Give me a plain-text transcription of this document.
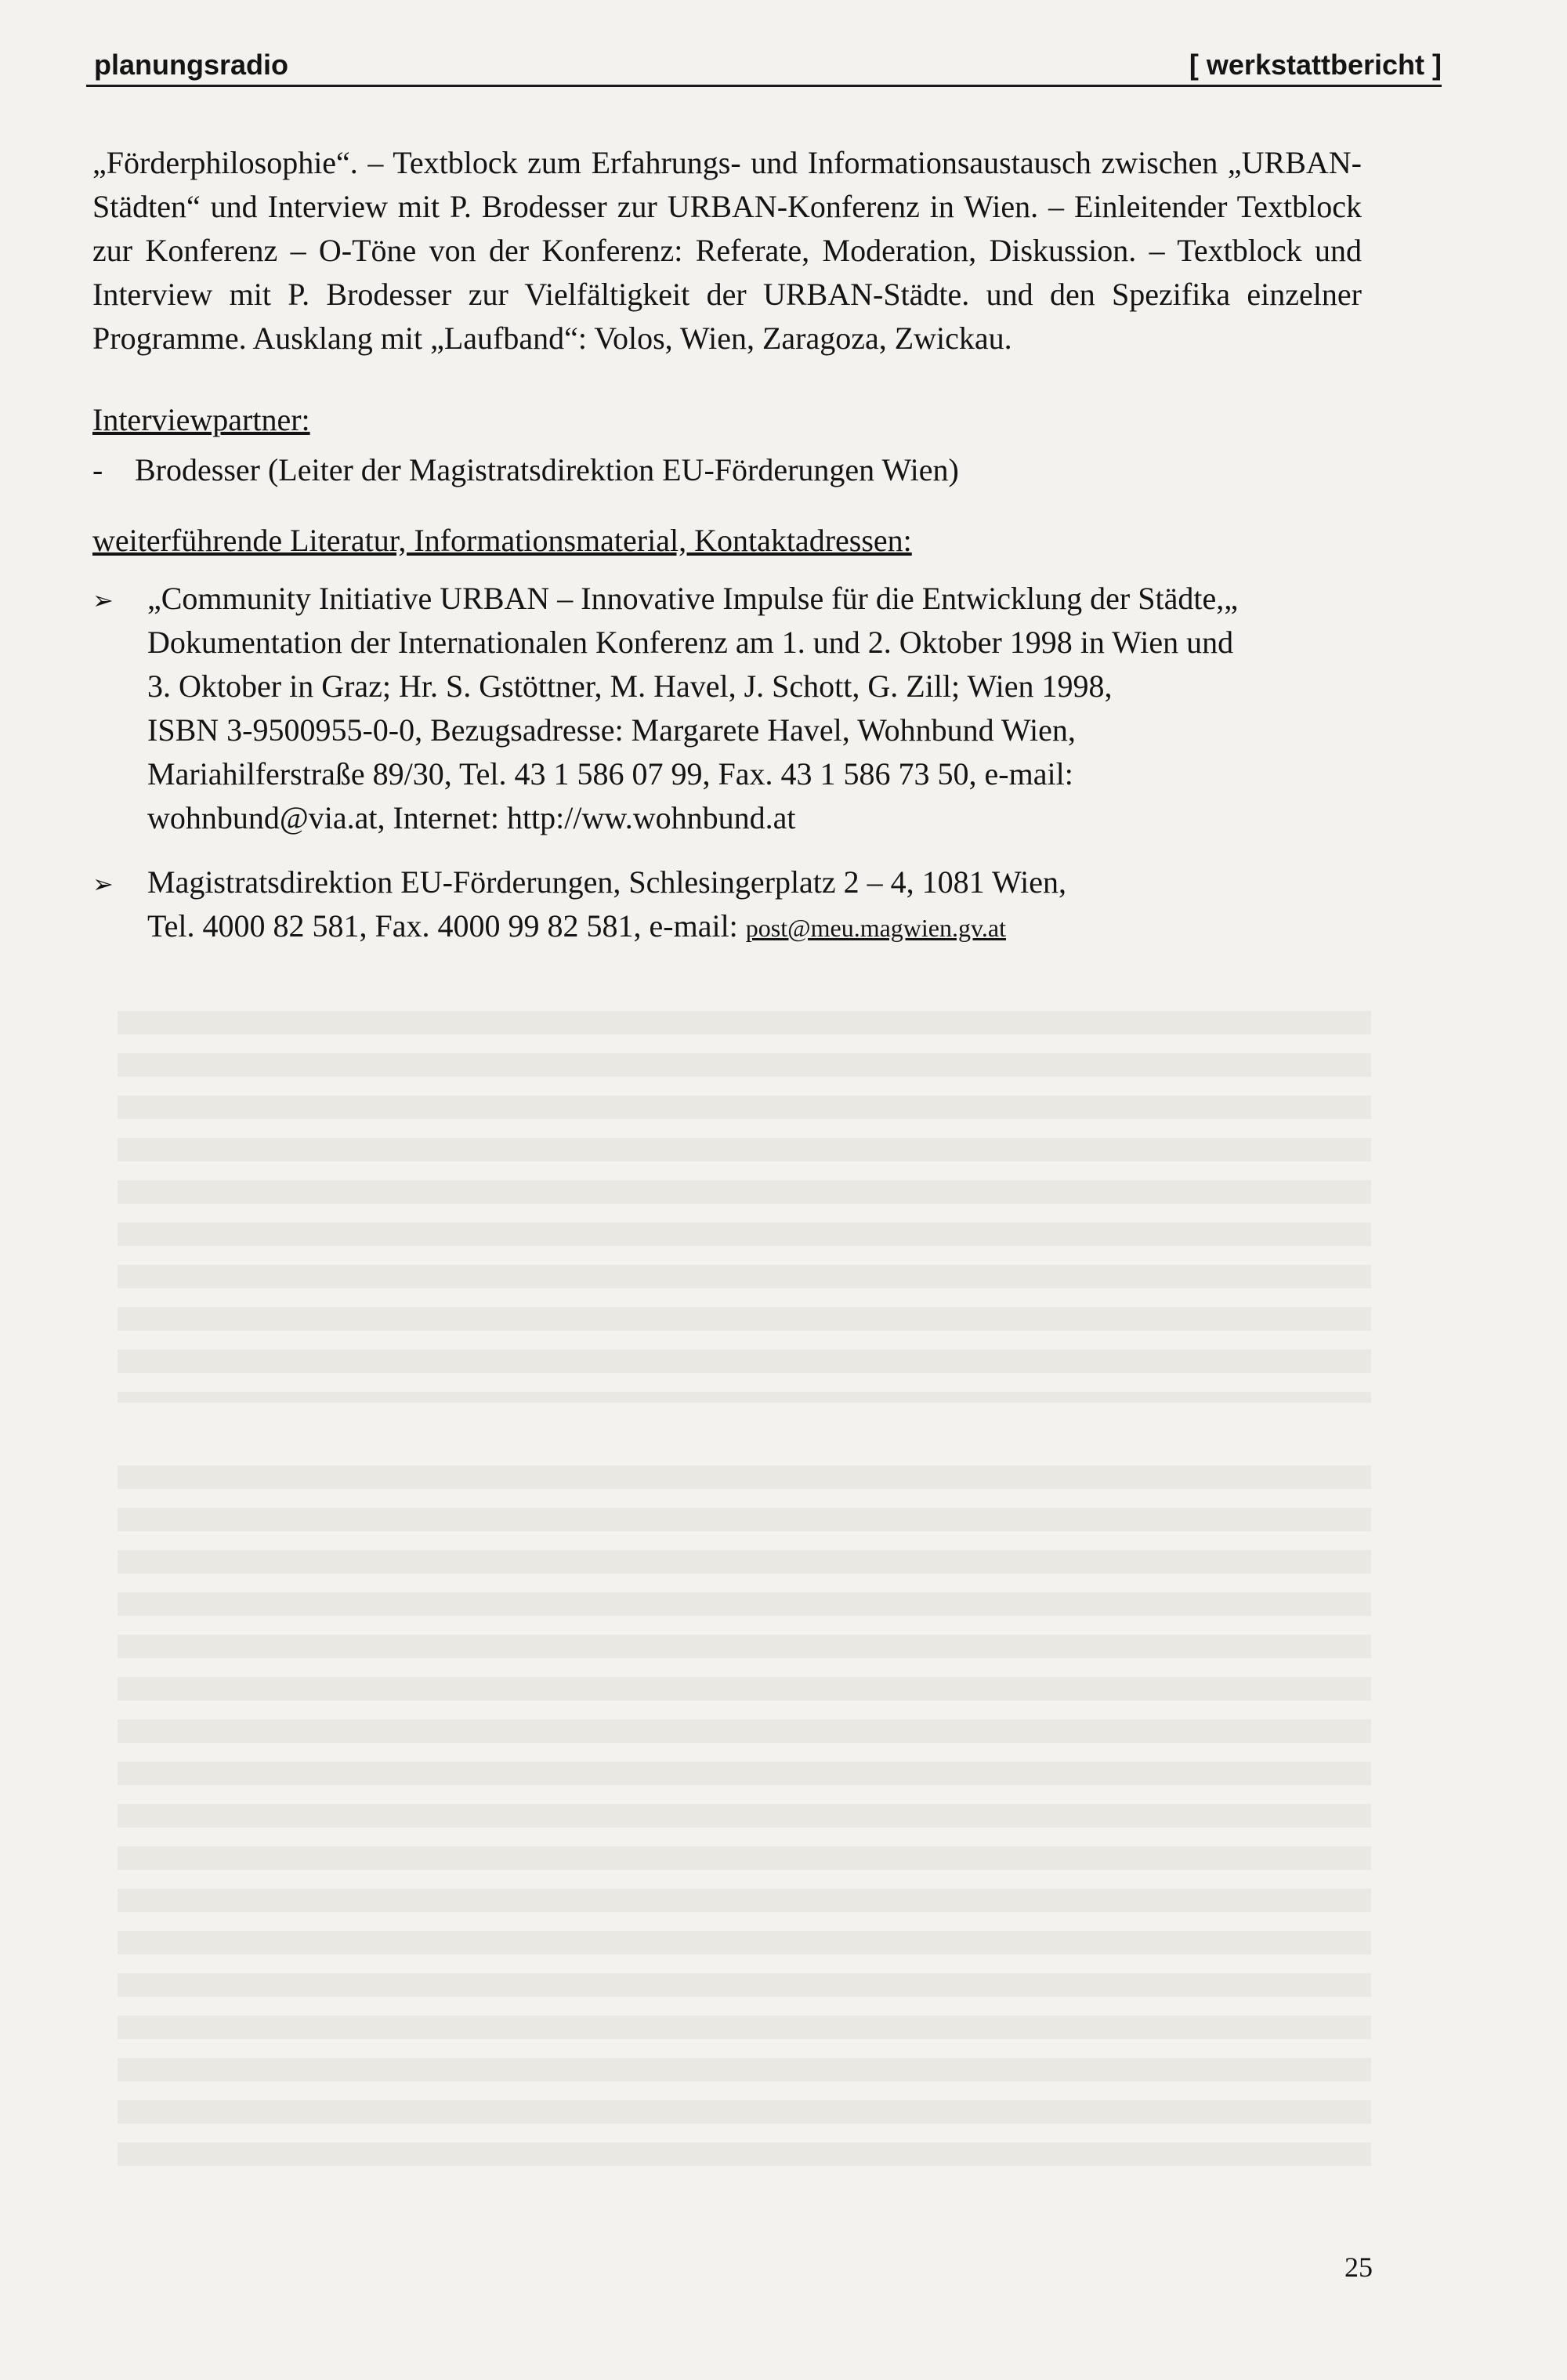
planungsradio	[ werkstattbericht ]

„Förderphilosophie“. – Textblock zum Erfahrungs- und Informationsaustausch zwischen „URBAN-Städten“ und Interview mit P. Brodesser zur URBAN-Konferenz in Wien. – Einleitender Textblock zur Konferenz – O-Töne von der Konferenz: Referate, Moderation, Diskussion. – Textblock und Interview mit P. Brodesser zur Vielfältigkeit der URBAN-Städte. und den Spezifika einzelner Programme. Ausklang mit „Laufband“: Volos, Wien, Zaragoza, Zwickau.

Interviewpartner:
-	Brodesser (Leiter der Magistratsdirektion EU-Förderungen Wien)
weiterführende Literatur, Informationsmaterial, Kontaktadressen:
➢	„Community Initiative URBAN – Innovative Impulse für die Entwicklung der Städte,„
Dokumentation der Internationalen Konferenz am 1. und 2. Oktober 1998 in Wien und
3. Oktober in Graz; Hr. S. Gstöttner, M. Havel, J. Schott, G. Zill; Wien 1998,
ISBN 3-9500955-0-0, Bezugsadresse: Margarete Havel, Wohnbund Wien,
Mariahilferstraße 89/30, Tel. 43 1 586 07 99, Fax. 43 1 586 73 50, e-mail:
wohnbund@via.at, Internet: http://ww.wohnbund.at
➢	Magistratsdirektion EU-Förderungen, Schlesingerplatz 2 – 4, 1081 Wien,
Tel. 4000 82 581, Fax. 4000 99 82 581, e-mail: post@meu.magwien.gv.at
25
